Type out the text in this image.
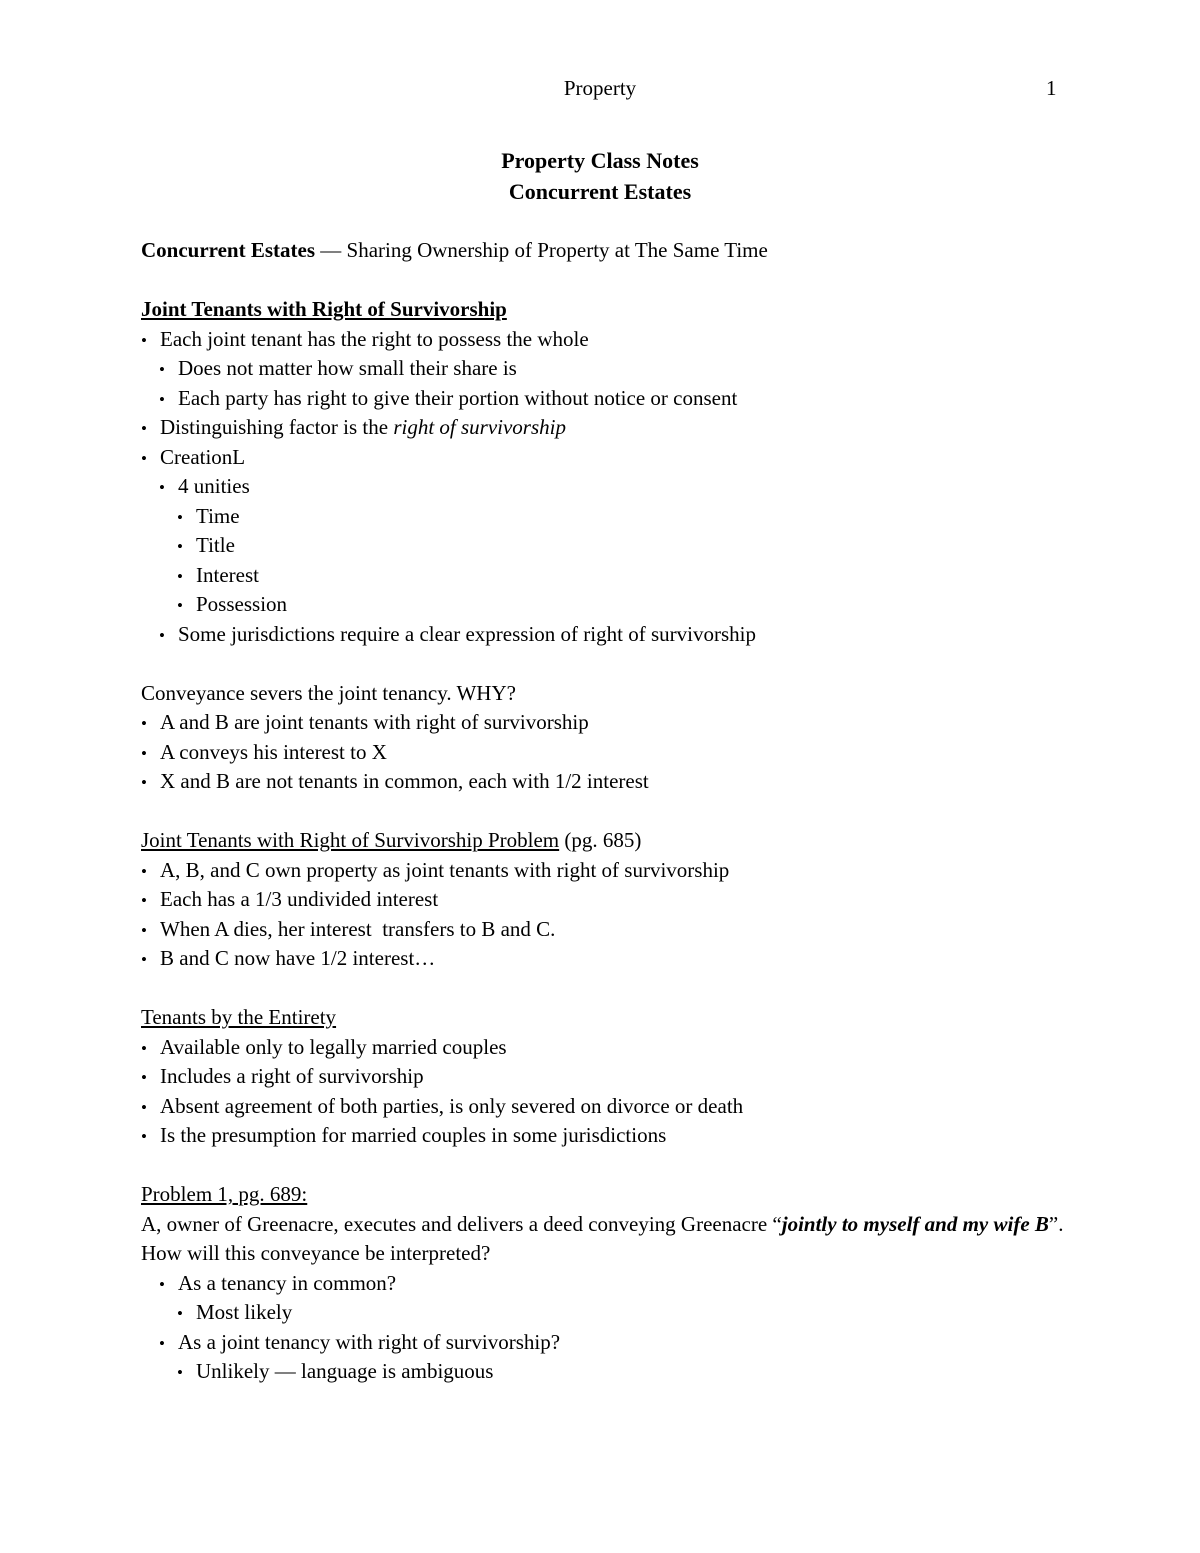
Property	1
Property Class Notes
Concurrent Estates
Concurrent Estates — Sharing Ownership of Property at The Same Time
Joint Tenants with Right of Survivorship
• Each joint tenant has the right to possess the whole
• Does not matter how small their share is
• Each party has right to give their portion without notice or consent
• Distinguishing factor is the right of survivorship
• CreationL
• 4 unities
• Time
• Title
• Interest
• Possession
• Some jurisdictions require a clear expression of right of survivorship
Conveyance severs the joint tenancy. WHY?
• A and B are joint tenants with right of survivorship
• A conveys his interest to X
• X and B are not tenants in common, each with 1/2 interest
Joint Tenants with Right of Survivorship Problem (pg. 685)
• A, B, and C own property as joint tenants with right of survivorship
• Each has a 1/3 undivided interest
• When A dies, her interest  transfers to B and C.
• B and C now have 1/2 interest…
Tenants by the Entirety
• Available only to legally married couples
• Includes a right of survivorship
• Absent agreement of both parties, is only severed on divorce or death
• Is the presumption for married couples in some jurisdictions
Problem 1, pg. 689:
A, owner of Greenacre, executes and delivers a deed conveying Greenacre “jointly to myself and my wife B”. How will this conveyance be interpreted?
• As a tenancy in common?
• Most likely
• As a joint tenancy with right of survivorship?
• Unlikely — language is ambiguous
